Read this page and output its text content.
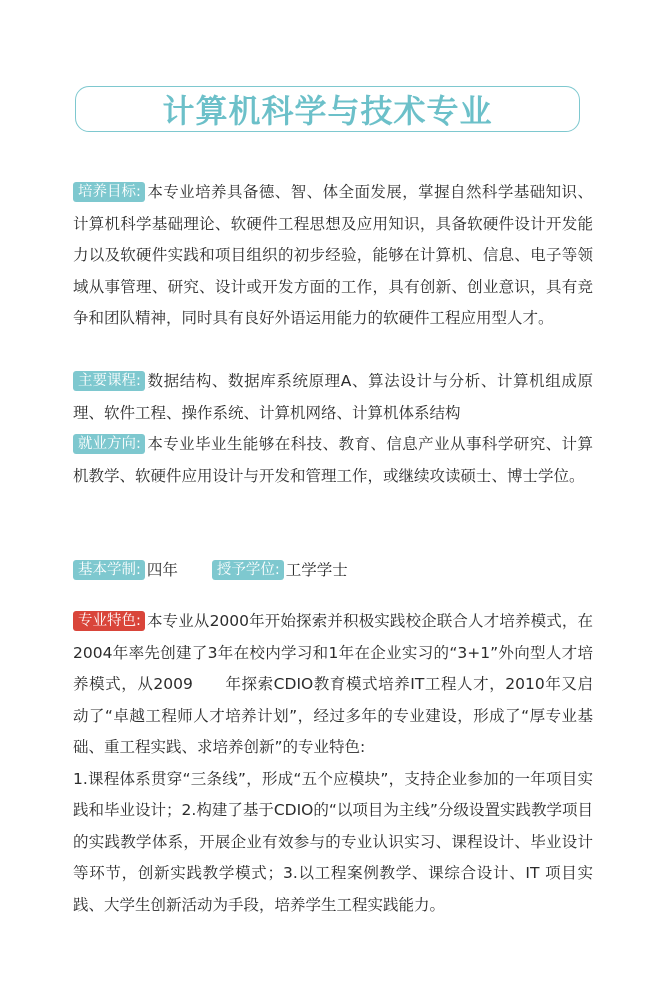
计算机科学与技术专业
培养目标: 本专业培养具备德、智、体全面发展，掌握自然科学基础知识、计算机科学基础理论、软硬件工程思想及应用知识，具备软硬件设计开发能力以及软硬件实践和项目组织的初步经验，能够在计算机、信息、电子等领域从事管理、研究、设计或开发方面的工作，具有创新、创业意识，具有竞争和团队精神，同时具有良好外语运用能力的软硬件工程应用型人才。
主要课程: 数据结构、数据库系统原理A、算法设计与分析、计算机组成原理、软件工程、操作系统、计算机网络、计算机体系结构
就业方向: 本专业毕业生能够在科技、教育、信息产业从事科学研究、计算机教学、软硬件应用设计与开发和管理工作，或继续攻读硕士、博士学位。
基本学制: 四年	授予学位: 工学学士
专业特色: 本专业从2000年开始探索并积极实践校企联合人才培养模式，在2004年率先创建了3年在校内学习和1年在企业实习的“3+1”外向型人才培养模式，从2009 年探索CDIO教育模式培养IT工程人才，2010年又启动了“卓越工程师人才培养计划”，经过多年的专业建设，形成了“厚专业基础、重工程实践、求培养创新”的专业特色:
1.课程体系贯穿“三条线”，形成“五个应模块”，支持企业参加的一年项目实践和毕业设计；2.构建了基于CDIO的“以项目为主线”分级设置实践教学项目的实践教学体系，开展企业有效参与的专业认识实习、课程设计、毕业设计等环节，创新实践教学模式；3.以工程案例教学、课综合设计、IT 项目实践、大学生创新活动为手段，培养学生工程实践能力。
